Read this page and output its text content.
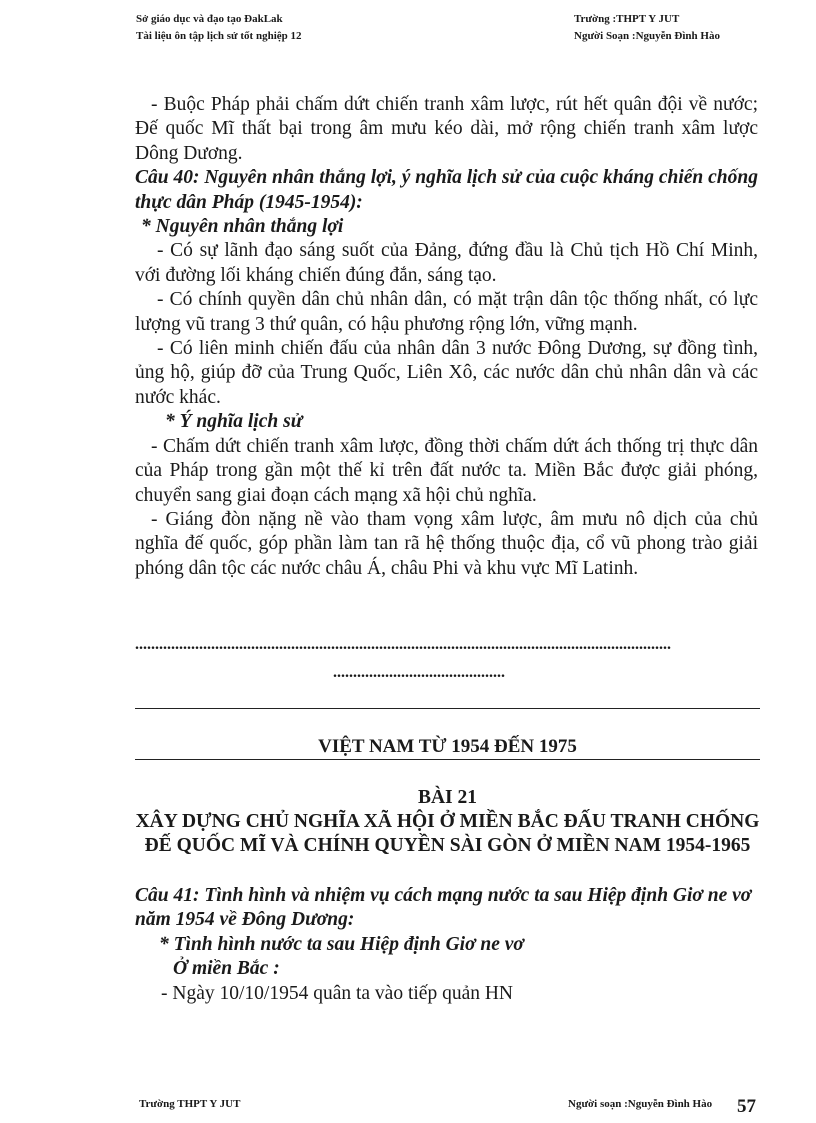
Sở giáo dục và đạo tạo ĐakLak
Tài liệu ôn tập lịch sử tốt nghiệp 12
Trường :THPT Y JUT
Người Soạn :Nguyễn Đình Hào

- Buộc Pháp phải chấm dứt chiến tranh xâm lược, rút hết quân đội về nước; Đế quốc Mĩ thất bại trong âm mưu kéo dài, mở rộng chiến tranh xâm lược Dông Dương.

Câu 40: Nguyên nhân thắng lợi, ý nghĩa lịch sử của cuộc kháng chiến chống thực dân Pháp (1945-1954):

* Nguyên nhân thắng lợi

- Có sự lãnh đạo sáng suốt của Đảng, đứng đầu là Chủ tịch Hồ Chí Minh, với đường lối kháng chiến đúng đắn, sáng tạo.

- Có chính quyền dân chủ nhân dân, có mặt trận dân tộc thống nhất, có lực lượng vũ trang 3 thứ quân, có hậu phương rộng lớn, vững mạnh.

- Có liên minh chiến đấu của nhân dân 3 nước Đông Dương, sự đồng tình, ủng hộ, giúp đỡ của Trung Quốc, Liên Xô, các nước dân chủ nhân dân và các nước khác.

* Ý nghĩa lịch sử

- Chấm dứt chiến tranh xâm lược, đồng thời chấm dứt ách thống trị thực dân của Pháp trong gần một thế kỉ trên đất nước ta. Miền Bắc được giải phóng, chuyển sang giai đoạn cách mạng xã hội chủ nghĩa.

- Giáng đòn nặng nề vào tham vọng xâm lược, âm mưu nô dịch của chủ nghĩa đế quốc, góp phần làm tan rã hệ thống thuộc địa, cổ vũ phong trào giải phóng dân tộc các nước châu Á, châu Phi và khu vực Mĩ Latinh.

......................................................................................................................................
...........................................
VIỆT NAM TỪ 1954 ĐẾN 1975
BÀI 21
XÂY DỰNG CHỦ NGHĨA XÃ HỘI Ở MIỀN BẮC ĐẤU TRANH CHỐNG ĐẾ QUỐC MĨ VÀ CHÍNH QUYỀN SÀI GÒN Ở MIỀN NAM 1954-1965

Câu 41: Tình hình và nhiệm vụ cách mạng nước ta sau Hiệp định Giơ ne vơ năm 1954 về Đông Dương:

* Tình hình nước ta sau Hiệp định Giơ ne vơ

Ở miền Bắc :

- Ngày 10/10/1954 quân ta vào tiếp quản HN

Trường THPT Y JUT	Người soạn :Nguyễn Đình Hào 57
